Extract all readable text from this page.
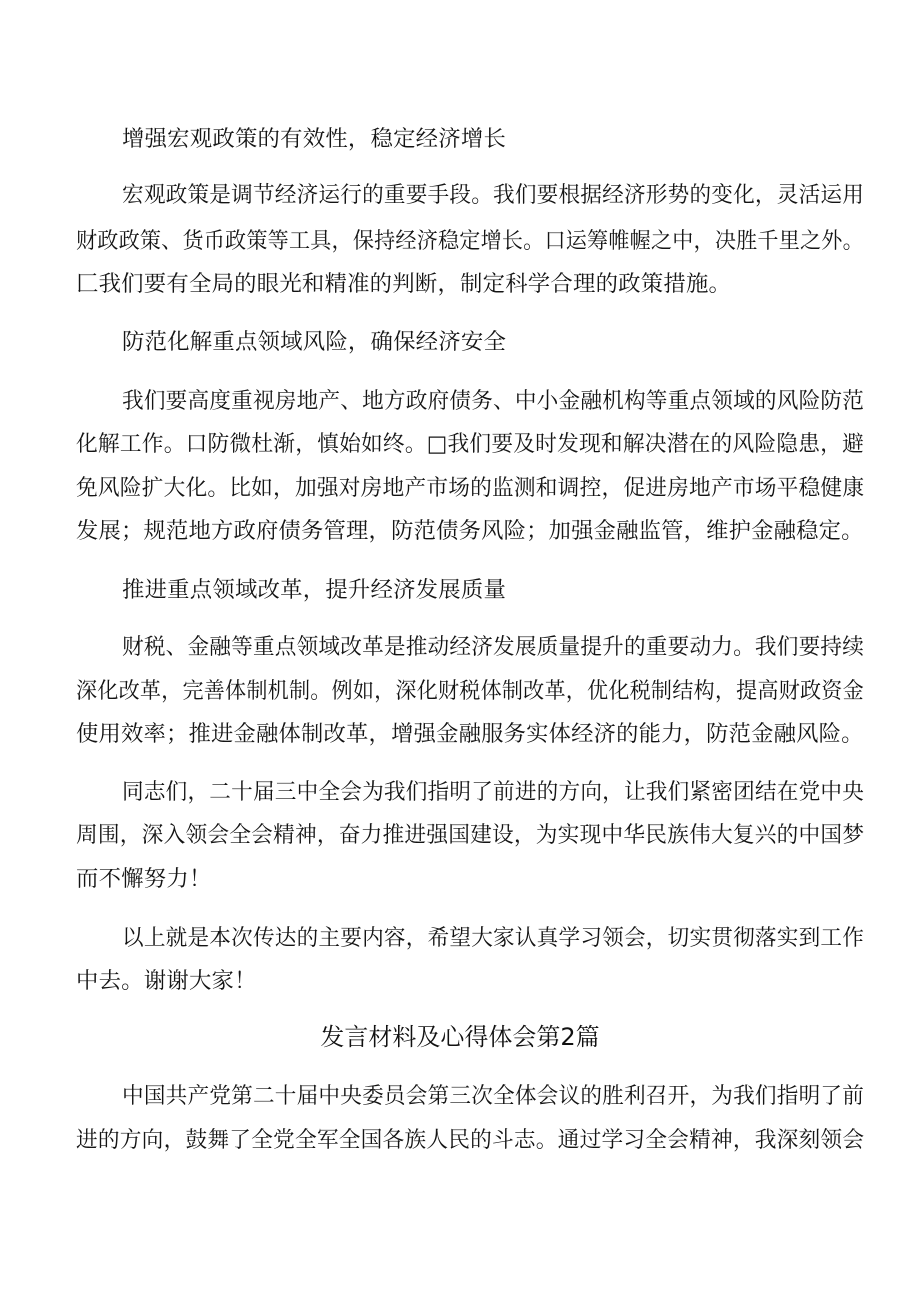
增强宏观政策的有效性，稳定经济增长
宏观政策是调节经济运行的重要手段。我们要根据经济形势的变化，灵活运用
财政政策、货币政策等工具，保持经济稳定增长。口运筹帷幄之中，决胜千里之外。
匚我们要有全局的眼光和精准的判断，制定科学合理的政策措施。
防范化解重点领域风险，确保经济安全
我们要高度重视房地产、地方政府债务、中小金融机构等重点领域的风险防范
化解工作。口防微杜渐，慎始如终。□我们要及时发现和解决潜在的风险隐患，避
免风险扩大化。比如，加强对房地产市场的监测和调控，促进房地产市场平稳健康
发展；规范地方政府债务管理，防范债务风险；加强金融监管，维护金融稳定。
推进重点领域改革，提升经济发展质量
财税、金融等重点领域改革是推动经济发展质量提升的重要动力。我们要持续
深化改革，完善体制机制。例如，深化财税体制改革，优化税制结构，提高财政资金
使用效率；推进金融体制改革，增强金融服务实体经济的能力，防范金融风险。
同志们，二十届三中全会为我们指明了前进的方向，让我们紧密团结在党中央
周围，深入领会全会精神，奋力推进强国建设，为实现中华民族伟大复兴的中国梦
而不懈努力！
以上就是本次传达的主要内容，希望大家认真学习领会，切实贯彻落实到工作
中去。谢谢大家！
发言材料及心得体会第2篇
中国共产党第二十届中央委员会第三次全体会议的胜利召开，为我们指明了前
进的方向，鼓舞了全党全军全国各族人民的斗志。通过学习全会精神，我深刻领会
